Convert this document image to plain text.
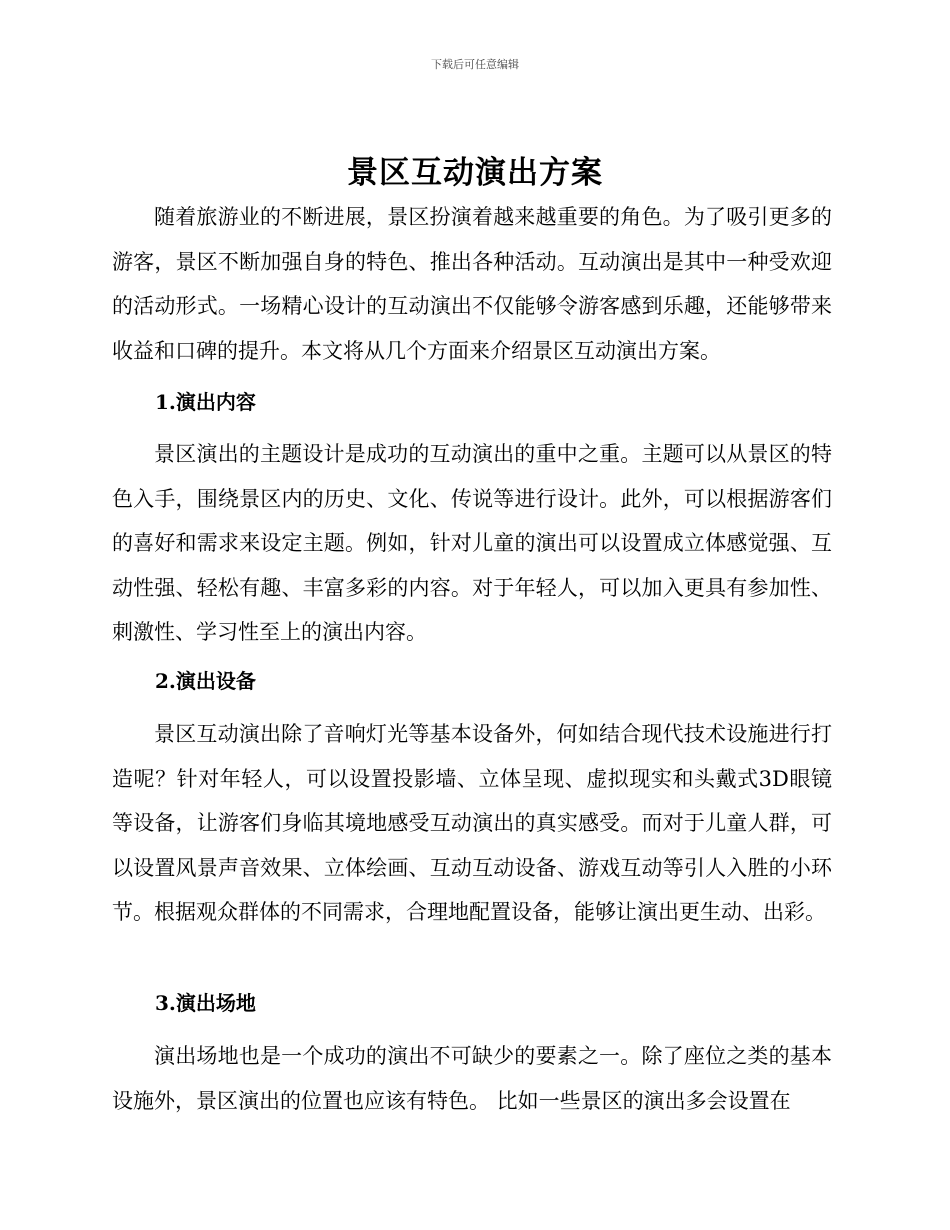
下载后可任意编辑
景区互动演出方案

随着旅游业的不断进展，景区扮演着越来越重要的角色。为了吸引更多的游客，景区不断加强自身的特色、推出各种活动。互动演出是其中一种受欢迎的活动形式。一场精心设计的互动演出不仅能够令游客感到乐趣，还能够带来收益和口碑的提升。本文将从几个方面来介绍景区互动演出方案。

1.演出内容

景区演出的主题设计是成功的互动演出的重中之重。主题可以从景区的特色入手，围绕景区内的历史、文化、传说等进行设计。此外，可以根据游客们的喜好和需求来设定主题。例如，针对儿童的演出可以设置成立体感觉强、互动性强、轻松有趣、丰富多彩的内容。对于年轻人，可以加入更具有参加性、刺激性、学习性至上的演出内容。

2.演出设备

景区互动演出除了音响灯光等基本设备外，何如结合现代技术设施进行打造呢？针对年轻人，可以设置投影墙、立体呈现、虚拟现实和头戴式3D眼镜等设备，让游客们身临其境地感受互动演出的真实感受。而对于儿童人群，可以设置风景声音效果、立体绘画、互动互动设备、游戏互动等引人入胜的小环节。根据观众群体的不同需求，合理地配置设备，能够让演出更生动、出彩。

3.演出场地

演出场地也是一个成功的演出不可缺少的要素之一。除了座位之类的基本设施外，景区演出的位置也应该有特色。 比如一些景区的演出多会设置在
